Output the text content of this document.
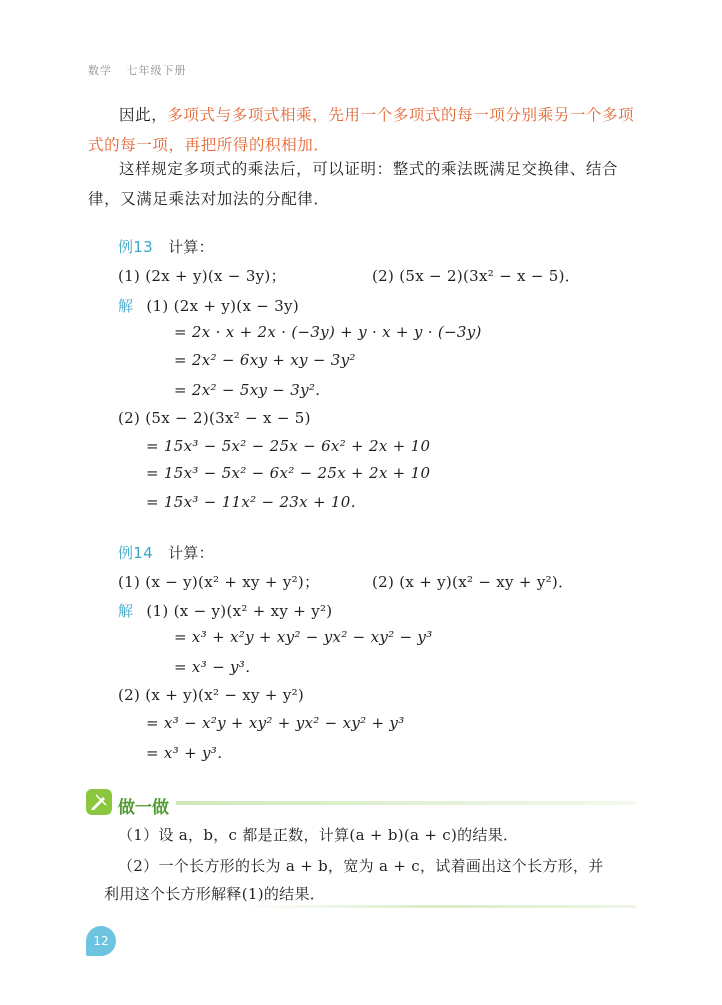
数学 七年级下册
因此，多项式与多项式相乘，先用一个多项式的每一项分别乘另一个多项式的每一项，再把所得的积相加．
这样规定多项式的乘法后，可以证明：整式的乘法既满足交换律、结合律，又满足乘法对加法的分配律．
例13 计算：
(1) (2x + y)(x − 3y)；	(2) (5x − 2)(3x² − x − 5)．
解 (1) (2x + y)(x − 3y)
= 2x · x + 2x · (−3y) + y · x + y · (−3y)
= 2x² − 6xy + xy − 3y²
= 2x² − 5xy − 3y²．
(2) (5x − 2)(3x² − x − 5)
= 15x³ − 5x² − 25x − 6x² + 2x + 10
= 15x³ − 5x² − 6x² − 25x + 2x + 10
= 15x³ − 11x² − 23x + 10．
例14 计算：
(1) (x − y)(x² + xy + y²)；	(2) (x + y)(x² − xy + y²)．
解 (1) (x − y)(x² + xy + y²)
= x³ + x²y + xy² − yx² − xy² − y³
= x³ − y³．
(2) (x + y)(x² − xy + y²)
= x³ − x²y + xy² + yx² − xy² + y³
= x³ + y³．
做一做
（1）设 a，b，c 都是正数，计算(a + b)(a + c)的结果．
（2）一个长方形的长为 a + b，宽为 a + c，试着画出这个长方形，并
利用这个长方形解释(1)的结果．
12
